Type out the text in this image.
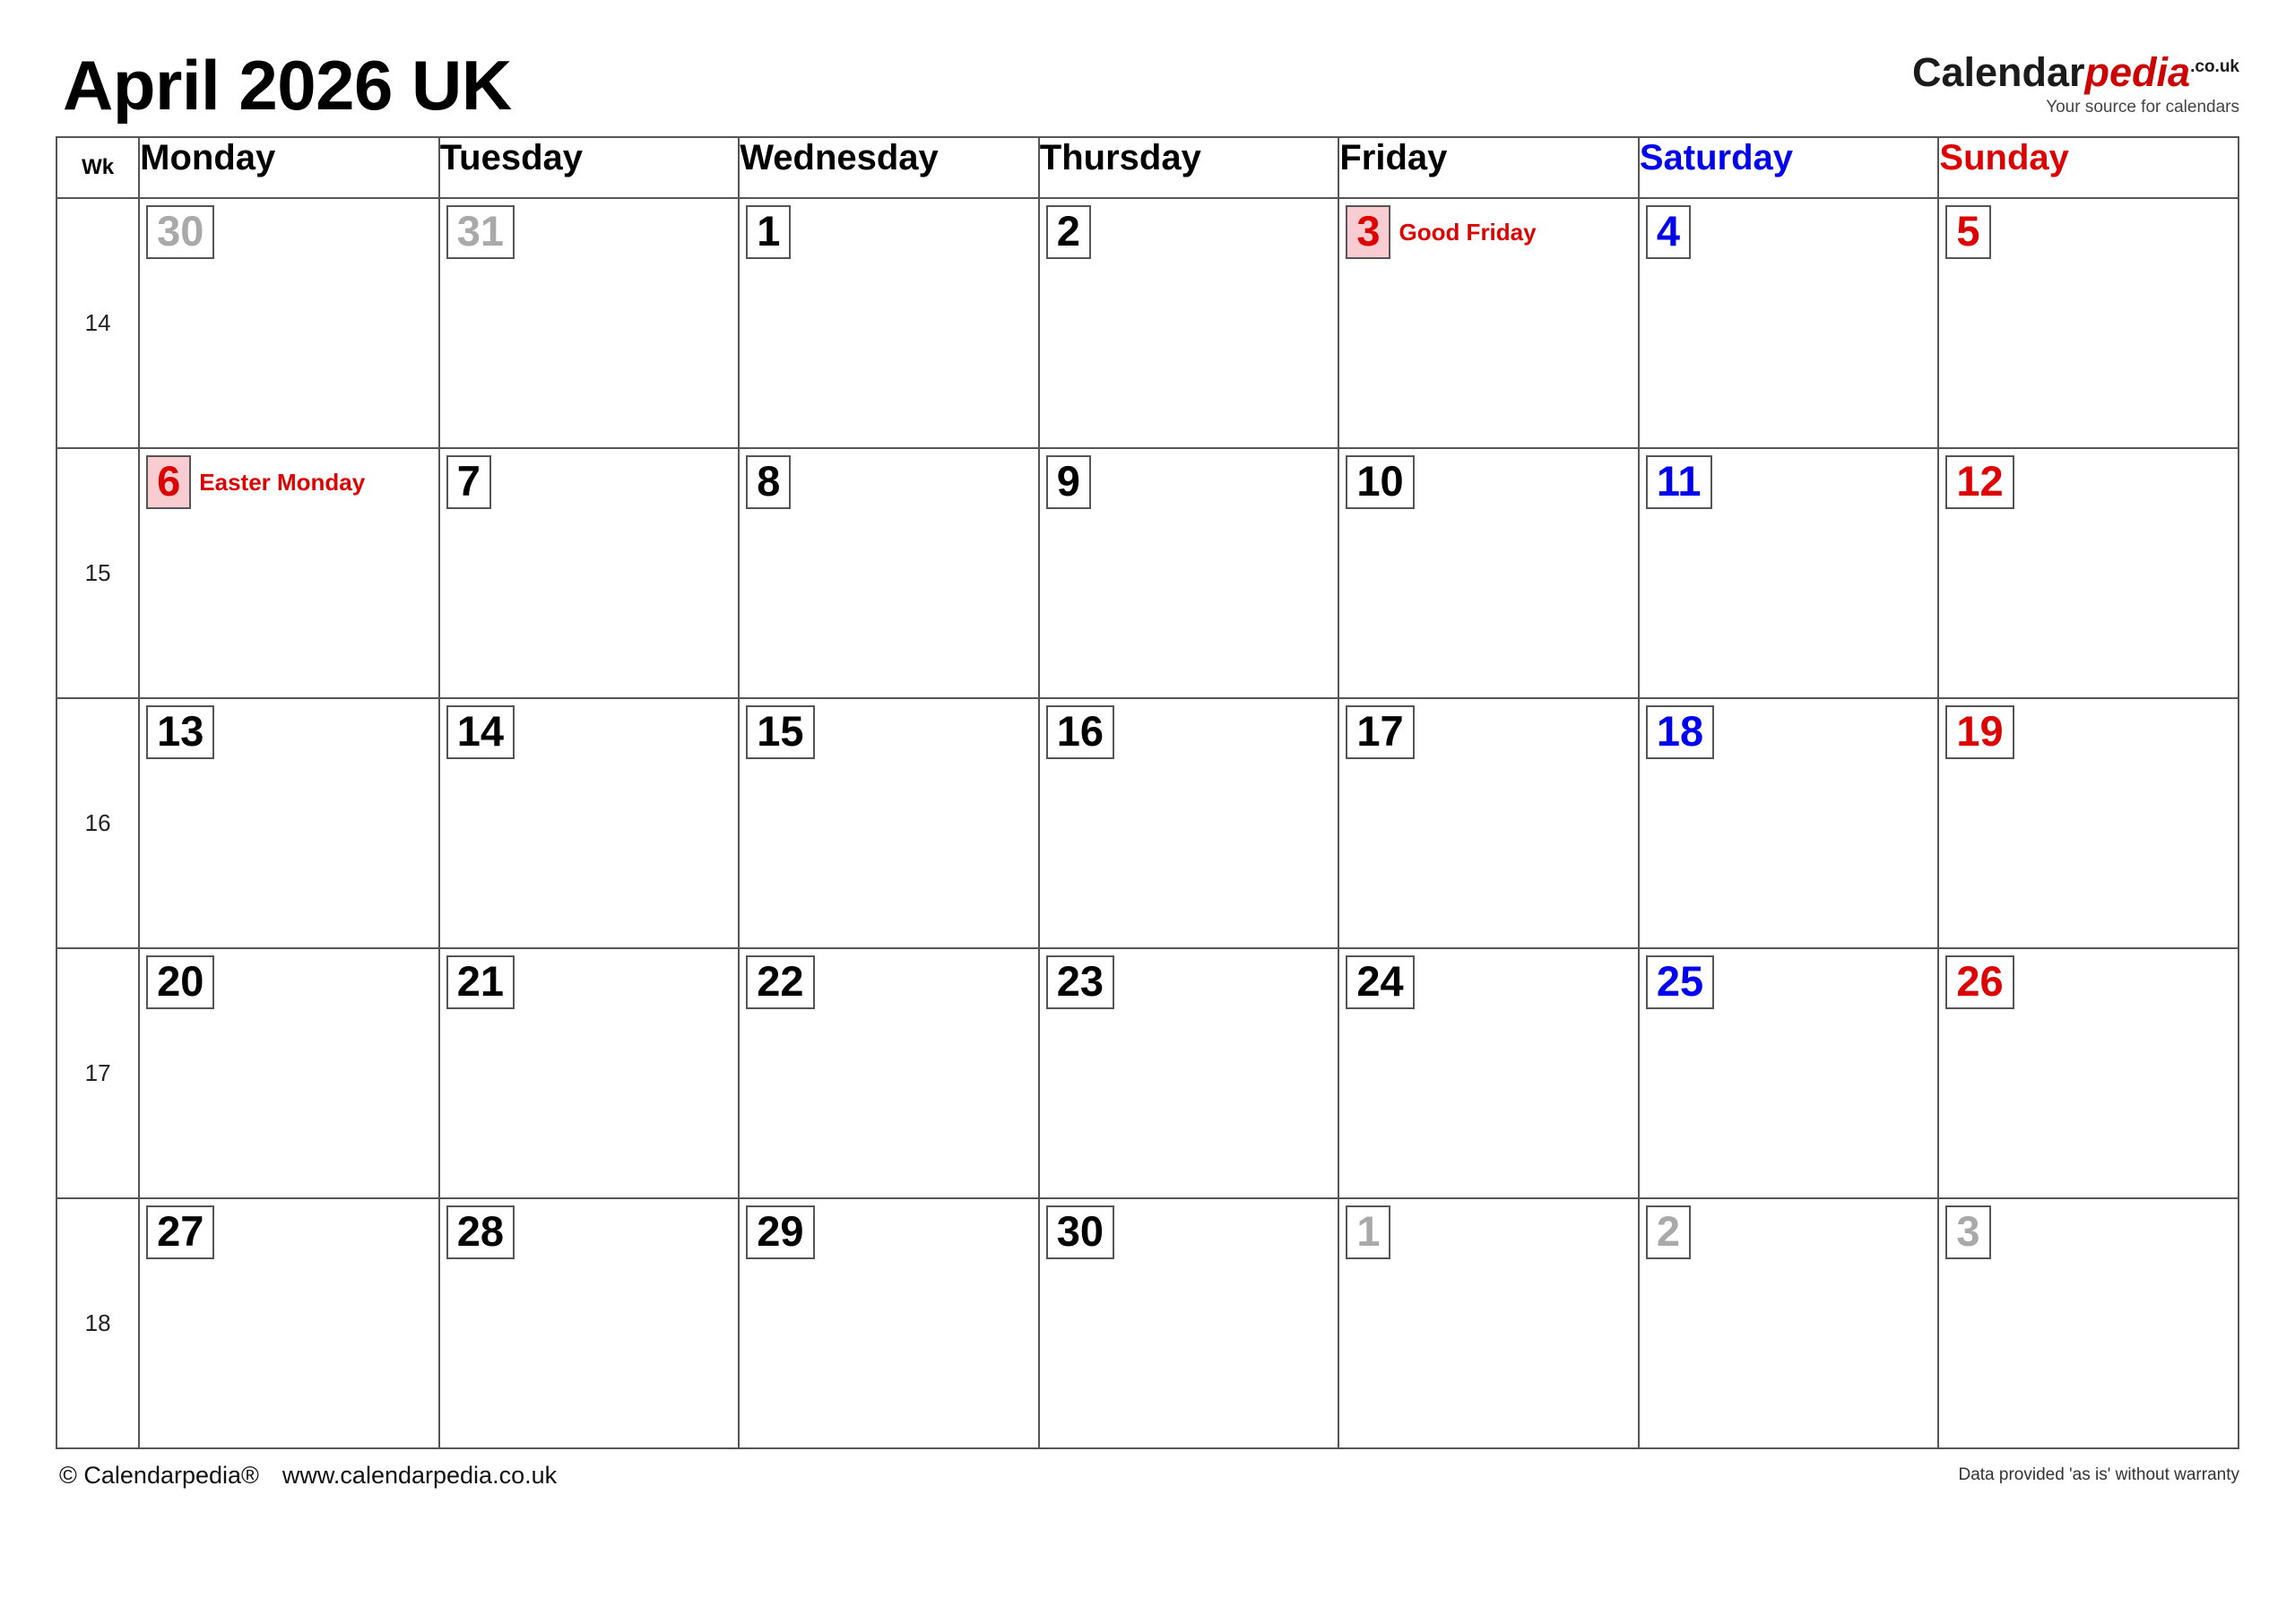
April 2026 UK	Calendarpedia$^{.co.uk}$
Your source for calendars
Wk	Monday	Tuesday	Wednesday	Thursday	Friday	Saturday	Sunday
14	30	31	1	2	3 Good Friday	4	5

15	6 Easter Monday	7	8	9	10	11	12

16	13	14	15	16	17	18	19

17	20	21	22	23	24	25	26

18	27	28	29	30	1	2	3
© Calendarpedia® www.calendarpedia.co.uk	Data provided 'as is' without warranty
